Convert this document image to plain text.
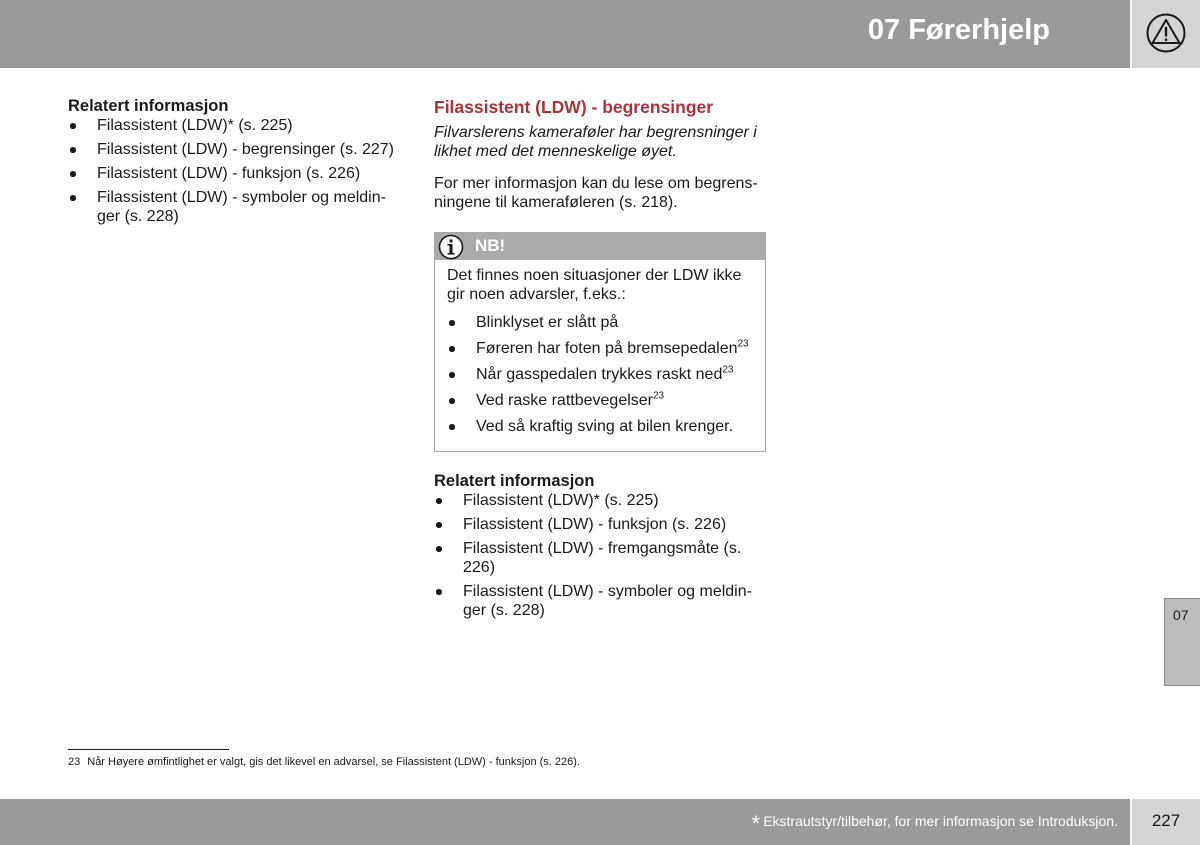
07 Førerhjelp
Relatert informasjon
Filassistent (LDW)* (s. 225)
Filassistent (LDW) - begrensinger (s. 227)
Filassistent (LDW) - funksjon (s. 226)
Filassistent (LDW) - symboler og meldin-ger (s. 228)
Filassistent (LDW) - begrensinger
Filvarslerens kameraføler har begrensninger i likhet med det menneskelige øyet.
For mer informasjon kan du lese om begrens-ningene til kameraføleren (s. 218).
NB!
Det finnes noen situasjoner der LDW ikke gir noen advarsler, f.eks.:
Blinklyset er slått på
Føreren har foten på bremsepedalen$^{23}$
Når gasspedalen trykkes raskt ned$^{23}$
Ved raske rattbevegelser$^{23}$
Ved så kraftig sving at bilen krenger.
Relatert informasjon
Filassistent (LDW)* (s. 225)
Filassistent (LDW) - funksjon (s. 226)
Filassistent (LDW) - fremgangsmåte (s. 226)
Filassistent (LDW) - symboler og meldin-ger (s. 228)	07
23 Når Høyere ømfintlighet er valgt, gis det likevel en advarsel, se Filassistent (LDW) - funksjon (s. 226).
* Ekstrautstyr/tilbehør, for mer informasjon se Introduksjon.	227
